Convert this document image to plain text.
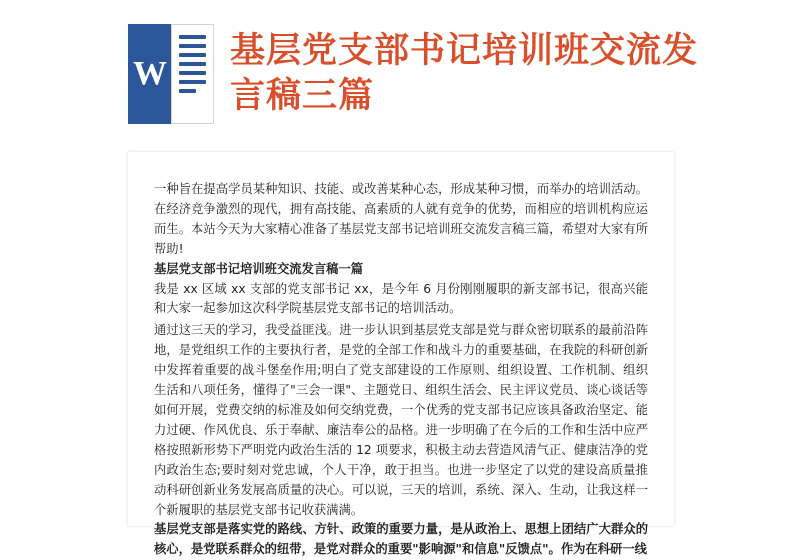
W
基层党支部书记培训班交流发言稿三篇

一种旨在提高学员某种知识、技能、或改善某种心态，形成某种习惯，而举办的培训活动。在经济竞争激烈的现代，拥有高技能、高素质的人就有竞争的优势，而相应的培训机构应运而生。本站今天为大家精心准备了基层党支部书记培训班交流发言稿三篇，希望对大家有所帮助!

基层党支部书记培训班交流发言稿一篇

我是 xx 区域 xx 支部的党支部书记 xx，是今年 6 月份刚刚履职的新支部书记，很高兴能和大家一起参加这次科学院基层党支部书记的培训活动。

通过这三天的学习，我受益匪浅。进一步认识到基层党支部是党与群众密切联系的最前沿阵地，是党组织工作的主要执行者，是党的全部工作和战斗力的重要基础，在我院的科研创新中发挥着重要的战斗堡垒作用;明白了党支部建设的工作原则、组织设置、工作机制、组织生活和八项任务，懂得了"三会一课"、主题党日、组织生活会、民主评议党员、谈心谈话等如何开展，党费交纳的标准及如何交纳党费，一个优秀的党支部书记应该具备政治坚定、能力过硬、作风优良、乐于奉献、廉洁奉公的品格。进一步明确了在今后的工作和生活中应严格按照新形势下严明党内政治生活的 12 项要求，积极主动去营造风清气正、健康洁净的党内政治生态;要时刻对党忠诚，个人干净，敢于担当。也进一步坚定了以党的建设高质量推动科研创新业务发展高质量的决心。可以说，三天的培训，系统、深入、生动，让我这样一个新履职的基层党支部书记收获满满。

基层党支部是落实党的路线、方针、政策的重要力量，是从政治上、思想上团结广大群众的核心，是党联系群众的纽带，是党对群众的重要"影响源"和信息"反馈点"。作为在科研一线
